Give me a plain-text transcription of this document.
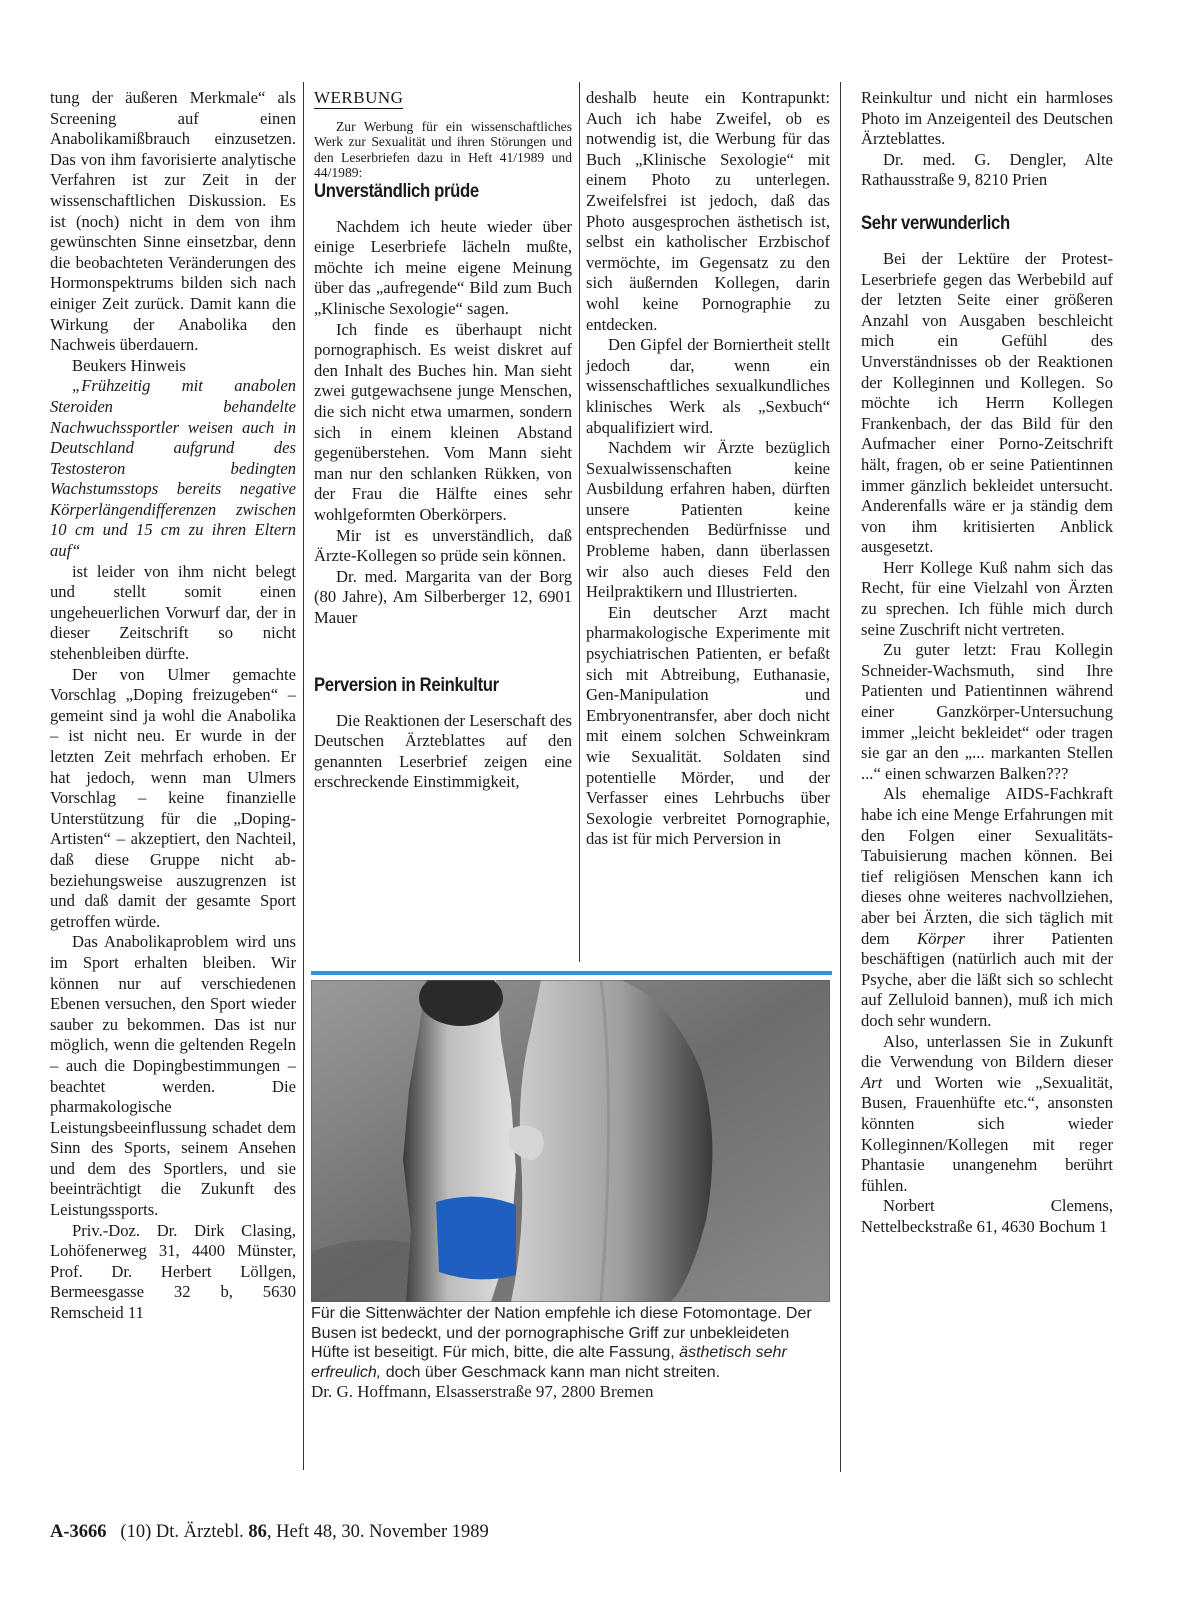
tung der äußeren Merkmale“ als Screening auf einen Anabolikamißbrauch einzusetzen. Das von ihm favorisierte analytische Verfahren ist zur Zeit in der wissenschaftlichen Diskussion. Es ist (noch) nicht in dem von ihm gewünschten Sinne einsetzbar, denn die beobachteten Veränderungen des Hormonspektrums bilden sich nach einiger Zeit zurück. Damit kann die Wirkung der Anabolika den Nachweis überdauern.

Beukers Hinweis

„Frühzeitig mit anabolen Steroiden behandelte Nachwuchssportler weisen auch in Deutschland aufgrund des Testosteron bedingten Wachstumsstops bereits negative Körperlängendifferenzen zwischen 10 cm und 15 cm zu ihren Eltern auf“

ist leider von ihm nicht belegt und stellt somit einen ungeheuerlichen Vorwurf dar, der in dieser Zeitschrift so nicht stehenbleiben dürfte.

Der von Ulmer gemachte Vorschlag „Doping freizugeben“ – gemeint sind ja wohl die Anabolika – ist nicht neu. Er wurde in der letzten Zeit mehrfach erhoben. Er hat jedoch, wenn man Ulmers Vorschlag – keine finanzielle Unterstützung für die „Doping-Artisten“ – akzeptiert, den Nachteil, daß diese Gruppe nicht ab- beziehungsweise auszugrenzen ist und daß damit der gesamte Sport getroffen würde.

Das Anabolikaproblem wird uns im Sport erhalten bleiben. Wir können nur auf verschiedenen Ebenen versuchen, den Sport wieder sauber zu bekommen. Das ist nur möglich, wenn die geltenden Regeln – auch die Dopingbestimmungen – beachtet werden. Die pharmakologische Leistungsbeeinflussung schadet dem Sinn des Sports, seinem Ansehen und dem des Sportlers, und sie beeinträchtigt die Zukunft des Leistungssports.

Priv.-Doz. Dr. Dirk Clasing, Lohöfenerweg 31, 4400 Münster, Prof. Dr. Herbert Löllgen, Bermeesgasse 32 b, 5630 Remscheid 11

WERBUNG

Zur Werbung für ein wissenschaftliches Werk zur Sexualität und ihren Störungen und den Leserbriefen dazu in Heft 41/1989 und 44/1989:

Unverständlich prüde

Nachdem ich heute wieder über einige Leserbriefe lächeln mußte, möchte ich meine eigene Meinung über das „aufregende“ Bild zum Buch „Klinische Sexologie“ sagen.

Ich finde es überhaupt nicht pornographisch. Es weist diskret auf den Inhalt des Buches hin. Man sieht zwei gutgewachsene junge Menschen, die sich nicht etwa umarmen, sondern sich in einem kleinen Abstand gegenüberstehen. Vom Mann sieht man nur den schlanken Rükken, von der Frau die Hälfte eines sehr wohlgeformten Oberkörpers.

Mir ist es unverständlich, daß Ärzte-Kollegen so prüde sein können.

Dr. med. Margarita van der Borg (80 Jahre), Am Silberberger 12, 6901 Mauer

Perversion in Reinkultur

Die Reaktionen der Leserschaft des Deutschen Ärzteblattes auf den genannten Leserbrief zeigen eine erschreckende Einstimmigkeit,

deshalb heute ein Kontrapunkt: Auch ich habe Zweifel, ob es notwendig ist, die Werbung für das Buch „Klinische Sexologie“ mit einem Photo zu unterlegen. Zweifelsfrei ist jedoch, daß das Photo ausgesprochen ästhetisch ist, selbst ein katholischer Erzbischof vermöchte, im Gegensatz zu den sich äußernden Kollegen, darin wohl keine Pornographie zu entdecken.

Den Gipfel der Borniertheit stellt jedoch dar, wenn ein wissenschaftliches sexualkundliches klinisches Werk als „Sexbuch“ abqualifiziert wird.

Nachdem wir Ärzte bezüglich Sexualwissenschaften keine Ausbildung erfahren haben, dürften unsere Patienten keine entsprechenden Bedürfnisse und Probleme haben, dann überlassen wir also auch dieses Feld den Heilpraktikern und Illustrierten.

Ein deutscher Arzt macht pharmakologische Experimente mit psychiatrischen Patienten, er befaßt sich mit Abtreibung, Euthanasie, Gen-Manipulation und Embryonentransfer, aber doch nicht mit einem solchen Schweinkram wie Sexualität. Soldaten sind potentielle Mörder, und der Verfasser eines Lehrbuchs über Sexologie verbreitet Pornographie, das ist für mich Perversion in

Reinkultur und nicht ein harmloses Photo im Anzeigenteil des Deutschen Ärzteblattes.

Dr. med. G. Dengler, Alte Rathausstraße 9, 8210 Prien

Sehr verwunderlich

Bei der Lektüre der Protest-Leserbriefe gegen das Werbebild auf der letzten Seite einer größeren Anzahl von Ausgaben beschleicht mich ein Gefühl des Unverständnisses ob der Reaktionen der Kolleginnen und Kollegen. So möchte ich Herrn Kollegen Frankenbach, der das Bild für den Aufmacher einer Porno-Zeitschrift hält, fragen, ob er seine Patientinnen immer gänzlich bekleidet untersucht. Anderenfalls wäre er ja ständig dem von ihm kritisierten Anblick ausgesetzt.

Herr Kollege Kuß nahm sich das Recht, für eine Vielzahl von Ärzten zu sprechen. Ich fühle mich durch seine Zuschrift nicht vertreten.

Zu guter letzt: Frau Kollegin Schneider-Wachsmuth, sind Ihre Patienten und Patientinnen während einer Ganzkörper-Untersuchung immer „leicht bekleidet“ oder tragen sie gar an den „... markanten Stellen ...“ einen schwarzen Balken???

Als ehemalige AIDS-Fachkraft habe ich eine Menge Erfahrungen mit den Folgen einer Sexualitäts-Tabuisierung machen können. Bei tief religiösen Menschen kann ich dieses ohne weiteres nachvollziehen, aber bei Ärzten, die sich täglich mit dem Körper ihrer Patienten beschäftigen (natürlich auch mit der Psyche, aber die läßt sich so schlecht auf Zelluloid bannen), muß ich mich doch sehr wundern.

Also, unterlassen Sie in Zukunft die Verwendung von Bildern dieser Art und Worten wie „Sexualität, Busen, Frauenhüfte etc.“, ansonsten könnten sich wieder Kolleginnen/Kollegen mit reger Phantasie unangenehm berührt fühlen.

Norbert Clemens, Nettelbeckstraße 61, 4630 Bochum 1

Für die Sittenwächter der Nation empfehle ich diese Fotomontage. Der Busen ist bedeckt, und der pornographische Griff zur unbekleideten Hüfte ist beseitigt. Für mich, bitte, die alte Fassung, ästhetisch sehr erfreulich, doch über Geschmack kann man nicht streiten.

Dr. G. Hoffmann, Elsasserstraße 97, 2800 Bremen

A-3666 (10) Dt. Ärztebl. 86, Heft 48, 30. November 1989
